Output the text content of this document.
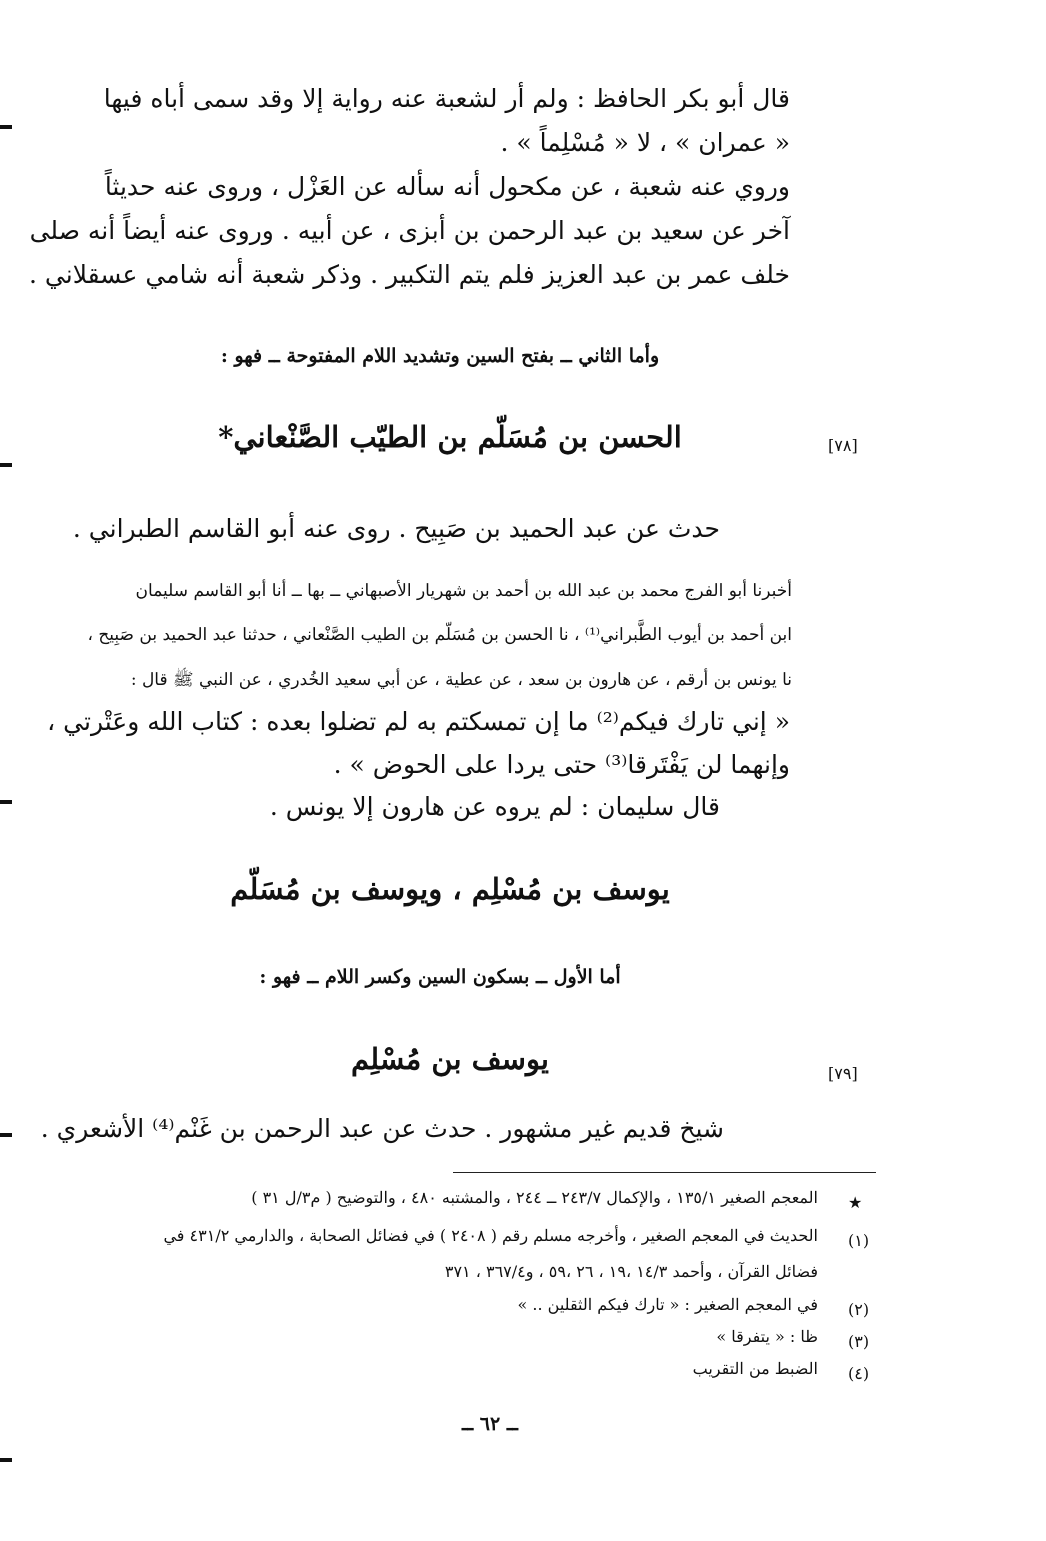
قال أبو بكر الحافظ : ولم أر لشعبة عنه رواية إلا وقد سمى أباه فيها

« عمران » ، لا « مُسْلِماً » .

وروي عنه شعبة ، عن مكحول أنه سأله عن العَزْل ، وروى عنه حديثاً

آخر عن سعيد بن عبد الرحمن بن أبزى ، عن أبيه . وروى عنه أيضاً أنه صلى

خلف عمر بن عبد العزيز فلم يتم التكبير . وذكر شعبة أنه شامي عسقلاني .

وأما الثاني ــ بفتح السين وتشديد اللام المفتوحة ــ فهو :

[٧٨]

الحسن بن مُسَلّم بن الطيّب الصَّنْعاني*

حدث عن عبد الحميد بن صَبِيح . روى عنه أبو القاسم الطبراني .

أخبرنا أبو الفرج محمد بن عبد الله بن أحمد بن شهريار الأصبهاني ــ بها ــ أنا أبو القاسم سليمان

ابن أحمد بن أيوب الطَّبراني⁽¹⁾ ، نا الحسن بن مُسَلّم بن الطيب الصَّنْعاني ، حدثنا عبد الحميد بن صَبِيح ،

نا يونس بن أرقم ، عن هارون بن سعد ، عن عطية ، عن أبي سعيد الخُدري ، عن النبي ﷺ قال :

« إني تارك فيكم⁽²⁾ ما إن تمسكتم به لم تضلوا بعده : كتاب الله وعَتْرتي ،

وإنهما لن يَفْتَرقا⁽³⁾ حتى يردا على الحوض » .

قال سليمان : لم يروه عن هارون إلا يونس .

يوسف بن مُسْلِم ، ويوسف بن مُسَلّم

أما الأول ــ بسكون السين وكسر اللام ــ فهو :

[٧٩]

يوسف بن مُسْلِم

شيخ قديم غير مشهور . حدث عن عبد الرحمن بن غَنْم⁽⁴⁾ الأشعري .

★

المعجم الصغير ١٣٥/١ ، والإكمال ٢٤٣/٧ ــ ٢٤٤ ، والمشتبه ٤٨٠ ، والتوضيح ( م٣/ل ٣١ )

(١)

الحديث في المعجم الصغير ، وأخرجه مسلم رقم ( ٢٤٠٨ ) في فضائل الصحابة ، والدارمي ٤٣١/٢ في

فضائل القرآن ، وأحمد ١٤/٣ ،١٩ ، ٢٦ ،٥٩ ، و٣٦٧/٤ ، ٣٧١

(٢)

في المعجم الصغير : « تارك فيكم الثقلين .. »

(٣)

ظا : « يتفرقا »

(٤)

الضبط من التقريب

ــ ٦٢ ــ
